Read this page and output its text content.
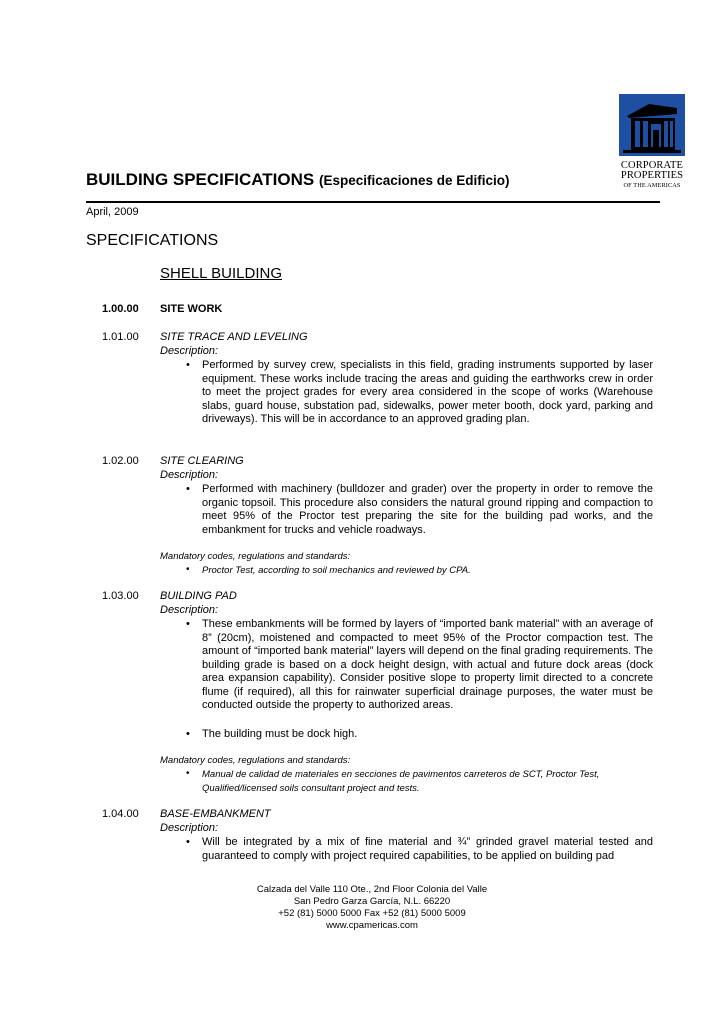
CORPORATE
PROPERTIES
OF THE AMERICAS
BUILDING SPECIFICATIONS (Especificaciones de Edificio)
April, 2009
SPECIFICATIONS
SHELL BUILDING
1.00.00 SITE WORK
1.01.00 SITE TRACE AND LEVELING
Description:
• Performed by survey crew, specialists in this field, grading instruments supported by laser equipment. These works include tracing the areas and guiding the earthworks crew in order to meet the project grades for every area considered in the scope of works (Warehouse slabs, guard house, substation pad, sidewalks, power meter booth, dock yard, parking and driveways). This will be in accordance to an approved grading plan.
1.02.00 SITE CLEARING
Description:
• Performed with machinery (bulldozer and grader) over the property in order to remove the organic topsoil. This procedure also considers the natural ground ripping and compaction to meet 95% of the Proctor test preparing the site for the building pad works, and the embankment for trucks and vehicle roadways.
Mandatory codes, regulations and standards:
• Proctor Test, according to soil mechanics and reviewed by CPA.
1.03.00 BUILDING PAD
Description:
• These embankments will be formed by layers of “imported bank material” with an average of 8” (20cm), moistened and compacted to meet 95% of the Proctor compaction test. The amount of “imported bank material” layers will depend on the final grading requirements. The building grade is based on a dock height design, with actual and future dock areas (dock area expansion capability). Consider positive slope to property limit directed to a concrete flume (if required), all this for rainwater superficial drainage purposes, the water must be conducted outside the property to authorized areas.
• The building must be dock high.
Mandatory codes, regulations and standards:
• Manual de calidad de materiales en secciones de pavimentos carreteros de SCT, Proctor Test, Qualified/licensed soils consultant project and tests.
1.04.00 BASE-EMBANKMENT
Description:
• Will be integrated by a mix of fine material and ¾” grinded gravel material tested and guaranteed to comply with project required capabilities, to be applied on building pad
Calzada del Valle 110 Ote., 2nd Floor Colonia del Valle
San Pedro Garza García, N.L. 66220
+52 (81) 5000 5000 Fax +52 (81) 5000 5009
www.cpamericas.com
